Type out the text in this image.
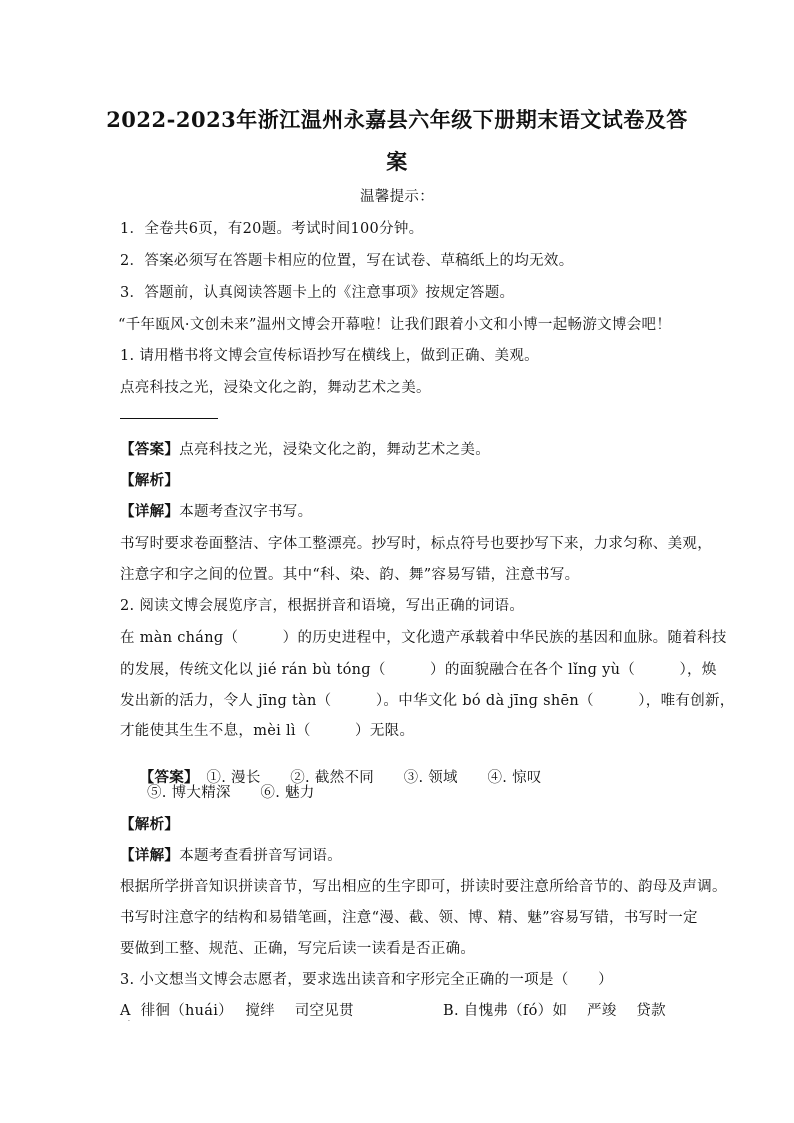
2022-2023年浙江温州永嘉县六年级下册期末语文试卷及答
案
温馨提示：
1．全卷共6页，有20题。考试时间100分钟。
2．答案必须写在答题卡相应的位置，写在试卷、草稿纸上的均无效。
3．答题前，认真阅读答题卡上的《注意事项》按规定答题。
“千年瓯风·文创未来”温州文博会开幕啦！让我们跟着小文和小博一起畅游文博会吧！
1. 请用楷书将文博会宣传标语抄写在横线上，做到正确、美观。
点亮科技之光，浸染文化之韵，舞动艺术之美。
【答案】点亮科技之光，浸染文化之韵，舞动艺术之美。
【解析】
【详解】本题考查汉字书写。
书写时要求卷面整洁、字体工整漂亮。抄写时，标点符号也要抄写下来，力求匀称、美观，
注意字和字之间的位置。其中“科、染、韵、舞”容易写错，注意书写。
2. 阅读文博会展览序言，根据拼音和语境，写出正确的词语。
在 màn chánɡ（　　　）的历史进程中，文化遗产承载着中华民族的基因和血脉。随着科技
的发展，传统文化以 jié rán bù tónɡ（　　　）的面貌融合在各个 lǐnɡ yù（　　　），焕
发出新的活力，令人 jīnɡ tàn（　　　）。中华文化 bó dà jīnɡ shēn（　　　），唯有创新，
才能使其生生不息，mèi lì（　　　）无限。

【答案】　 ①. 漫长　　②. 截然不同　　③. 领域　　④. 惊叹

⑤. 博大精深　　⑥. 魅力
【解析】
【详解】本题考查看拼音写词语。
根据所学拼音知识拼读音节，写出相应的生字即可，拼读时要注意所给音节的、韵母及声调。
书写时注意字的结构和易错笔画，注意“漫、截、领、博、精、魅”容易写错，书写时一定
要做到工整、规范、正确，写完后读一读看是否正确。
3. 小文想当文博会志愿者，要求选出读音和字形完全正确的一项是（　　）
A  徘徊（huái）　 搅绊　 司空见贯	B. 自愧弗（fó）如　 严竣　 贷款
·
